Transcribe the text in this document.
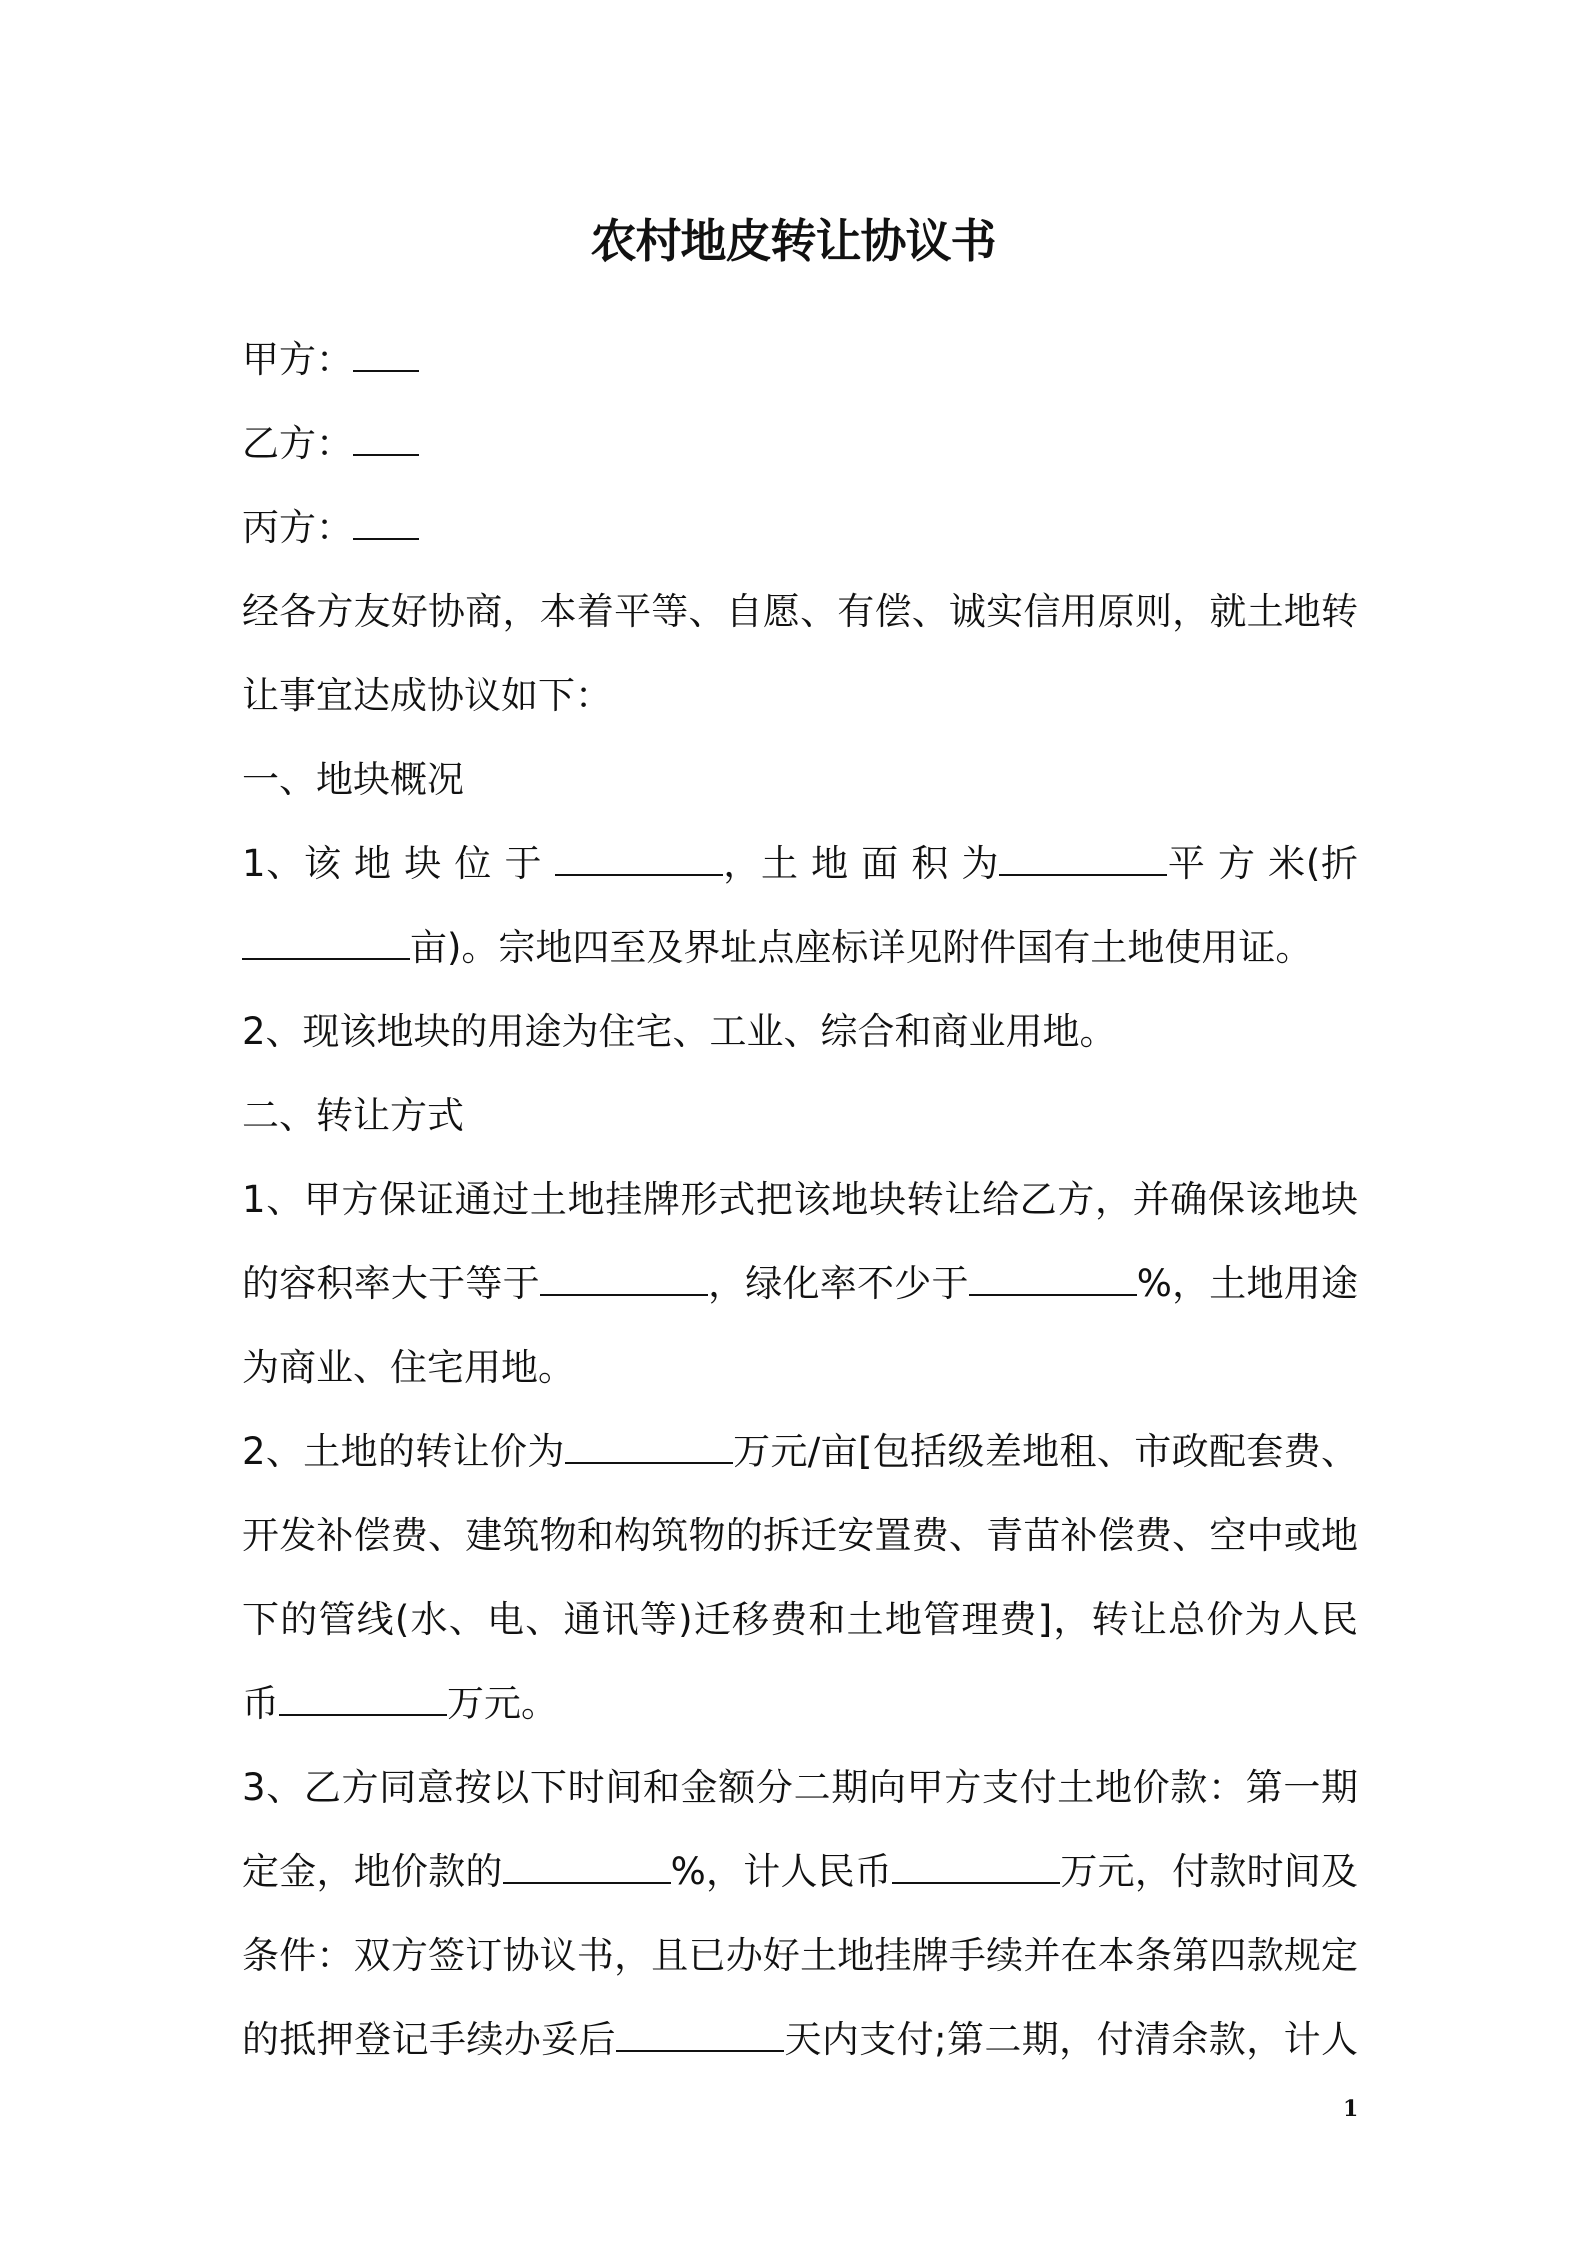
农村地皮转让协议书
甲方：
乙方：
丙方：
经各方友好协商，本着平等、自愿、有偿、诚实信用原则，就土地转
让事宜达成协议如下：
一、地块概况
1、该 地 块 位 于	，土 地 面 积 为	平 方 米(折
亩)。宗地四至及界址点座标详见附件国有土地使用证。
2、现该地块的用途为住宅、工业、综合和商业用地。
二、转让方式
1、甲方保证通过土地挂牌形式把该地块转让给乙方，并确保该地块
的容积率大于等于	，绿化率不少于	%，土地用途
为商业、住宅用地。
2、土地的转让价为	万元/亩[包括级差地租、市政配套费、
开发补偿费、建筑物和构筑物的拆迁安置费、青苗补偿费、空中或地
下的管线(水、电、通讯等)迁移费和土地管理费]，转让总价为人民
币	万元。
3、乙方同意按以下时间和金额分二期向甲方支付土地价款：第一期
定金，地价款的	%，计人民币	万元，付款时间及
条件：双方签订协议书，且已办好土地挂牌手续并在本条第四款规定
的抵押登记手续办妥后	天内支付;第二期，付清余款，计人
1
